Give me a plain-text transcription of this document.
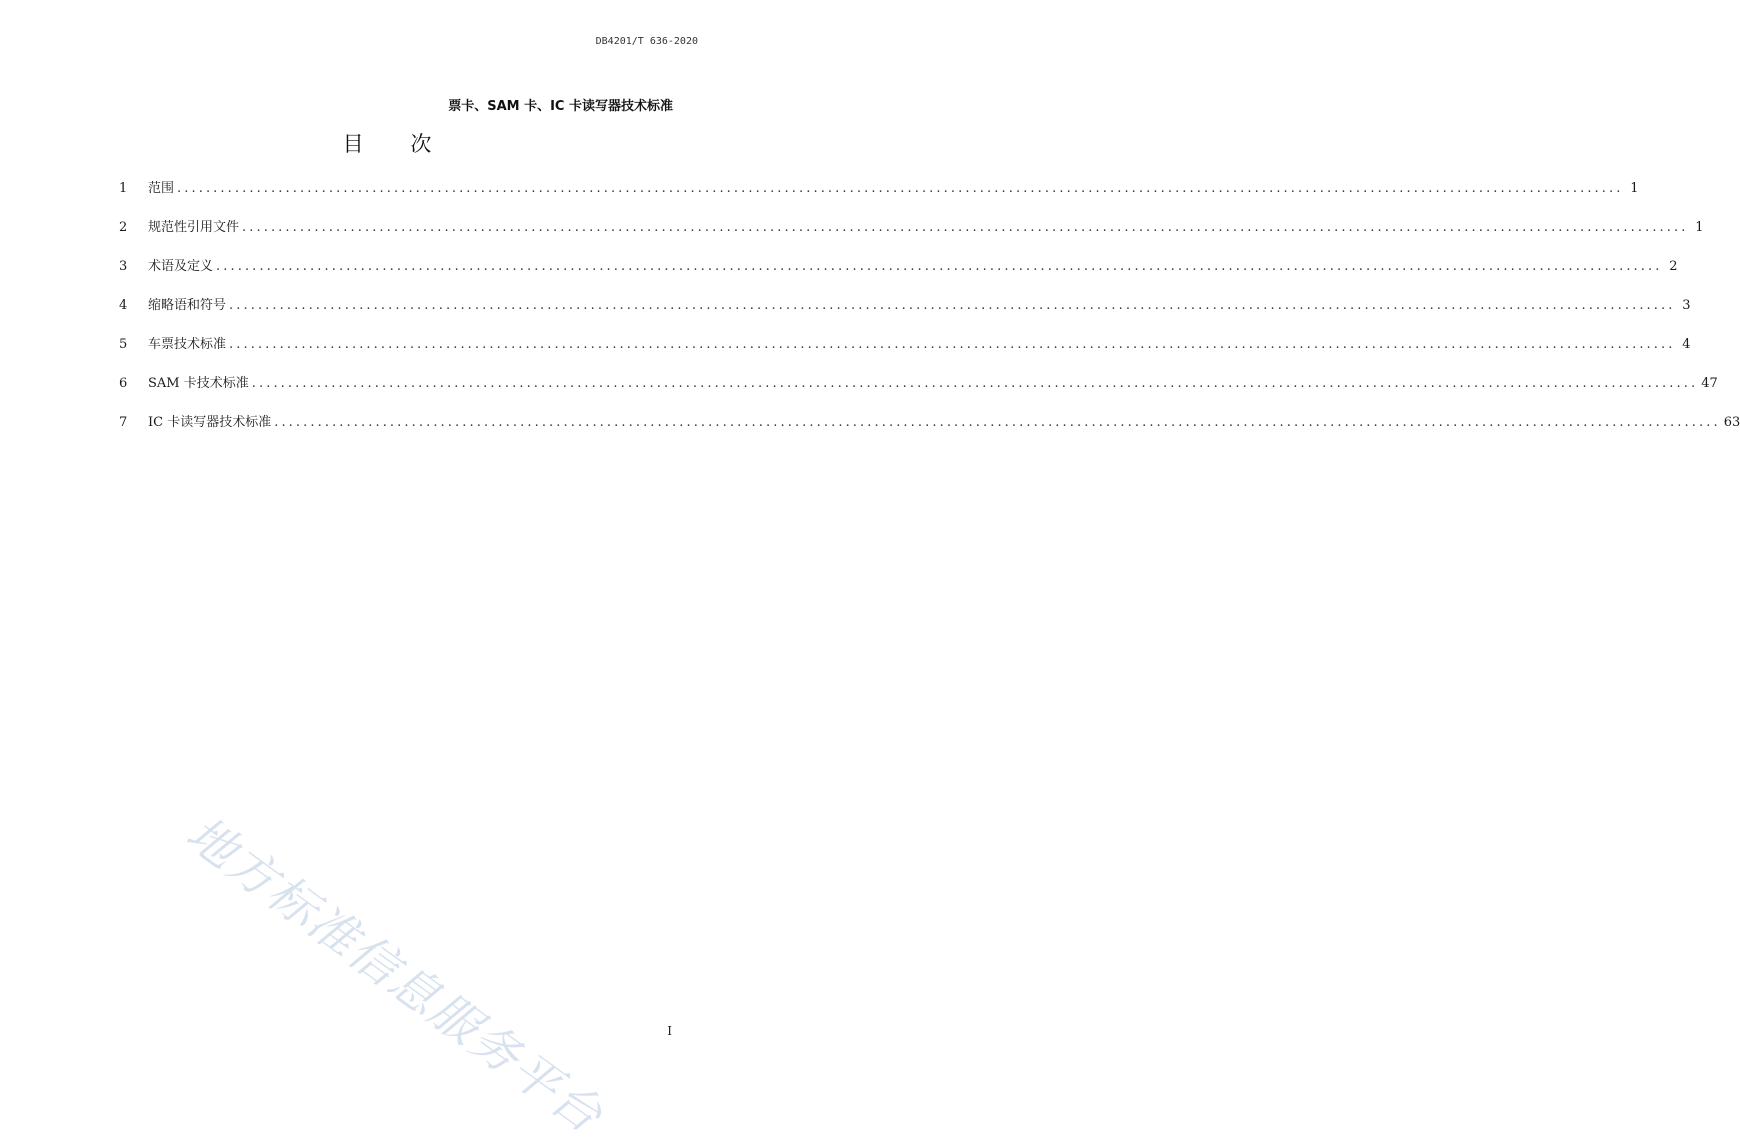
DB4201/T 636-2020
票卡、SAM 卡、IC 卡读写器技术标准
目 次
1	范围 ........................................................................................................................................................................................................ 1
2	规范性引用文件 ........................................................................................................................................................................................................ 1
3	术语及定义 ........................................................................................................................................................................................................ 2
4	缩略语和符号 ........................................................................................................................................................................................................ 3
5	车票技术标准 ........................................................................................................................................................................................................ 4
6	SAM 卡技术标准 ........................................................................................................................................................................................................ 47
7	IC 卡读写器技术标准 ........................................................................................................................................................................................................ 63
地方标准信息服务平台	I
